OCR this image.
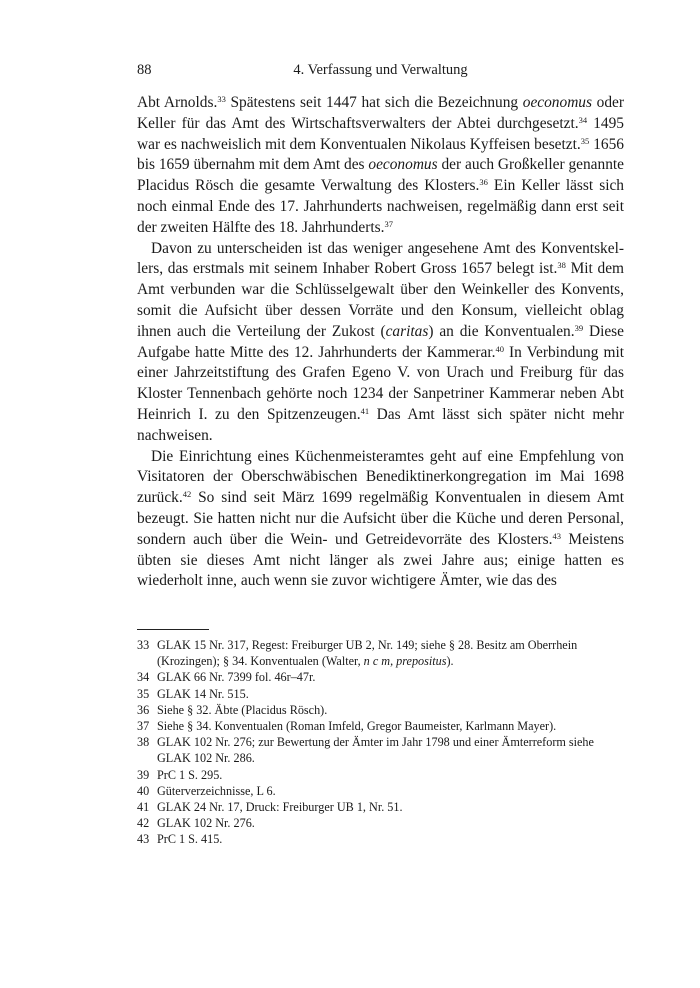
88	4. Verfassung und Verwaltung

Abt Arnolds.$^{33}$ Spätestens seit 1447 hat sich die Bezeichnung oeconomus oder Keller für das Amt des Wirtschaftsverwalters der Abtei durchgesetzt.$^{34}$ 1495 war es nachweislich mit dem Konventualen Nikolaus Kyffeisen besetzt.$^{35}$ 1656 bis 1659 übernahm mit dem Amt des oeconomus der auch Großkeller genannte Placidus Rösch die gesamte Verwaltung des Klosters.$^{36}$ Ein Keller lässt sich noch einmal Ende des 17. Jahrhunderts nachweisen, regelmäßig dann erst seit der zweiten Hälfte des 18. Jahrhunderts.$^{37}$

Davon zu unterscheiden ist das weniger angesehene Amt des Konventskellers, das erstmals mit seinem Inhaber Robert Gross 1657 belegt ist.$^{38}$ Mit dem Amt verbunden war die Schlüsselgewalt über den Weinkeller des Konvents, somit die Aufsicht über dessen Vorräte und den Konsum, vielleicht oblag ihnen auch die Verteilung der Zukost (caritas) an die Konventualen.$^{39}$ Diese Aufgabe hatte Mitte des 12. Jahrhunderts der Kammerar.$^{40}$ In Verbindung mit einer Jahrzeitstiftung des Grafen Egeno V. von Urach und Freiburg für das Kloster Tennenbach gehörte noch 1234 der Sanpetriner Kammerar neben Abt Heinrich I. zu den Spitzenzeugen.$^{41}$ Das Amt lässt sich später nicht mehr nachweisen.

Die Einrichtung eines Küchenmeisteramtes geht auf eine Empfehlung von Visitatoren der Oberschwäbischen Benediktinerkongregation im Mai 1698 zurück.$^{42}$ So sind seit März 1699 regelmäßig Konventualen in diesem Amt bezeugt. Sie hatten nicht nur die Aufsicht über die Küche und deren Personal, sondern auch über die Wein- und Getreidevorräte des Klosters.$^{43}$ Meistens übten sie dieses Amt nicht länger als zwei Jahre aus; einige hatten es wiederholt inne, auch wenn sie zuvor wichtigere Ämter, wie das des

33 GLAK 15 Nr. 317, Regest: Freiburger UB 2, Nr. 149; siehe § 28. Besitz am Oberrhein (Krozingen); § 34. Konventualen (Walter, n c m, prepositus).
34 GLAK 66 Nr. 7399 fol. 46r–47r.
35 GLAK 14 Nr. 515.
36 Siehe § 32. Äbte (Placidus Rösch).
37 Siehe § 34. Konventualen (Roman Imfeld, Gregor Baumeister, Karlmann Mayer).
38 GLAK 102 Nr. 276; zur Bewertung der Ämter im Jahr 1798 und einer Ämterreform siehe GLAK 102 Nr. 286.
39 PrC 1 S. 295.
40 Güterverzeichnisse, L 6.
41 GLAK 24 Nr. 17, Druck: Freiburger UB 1, Nr. 51.
42 GLAK 102 Nr. 276.
43 PrC 1 S. 415.
